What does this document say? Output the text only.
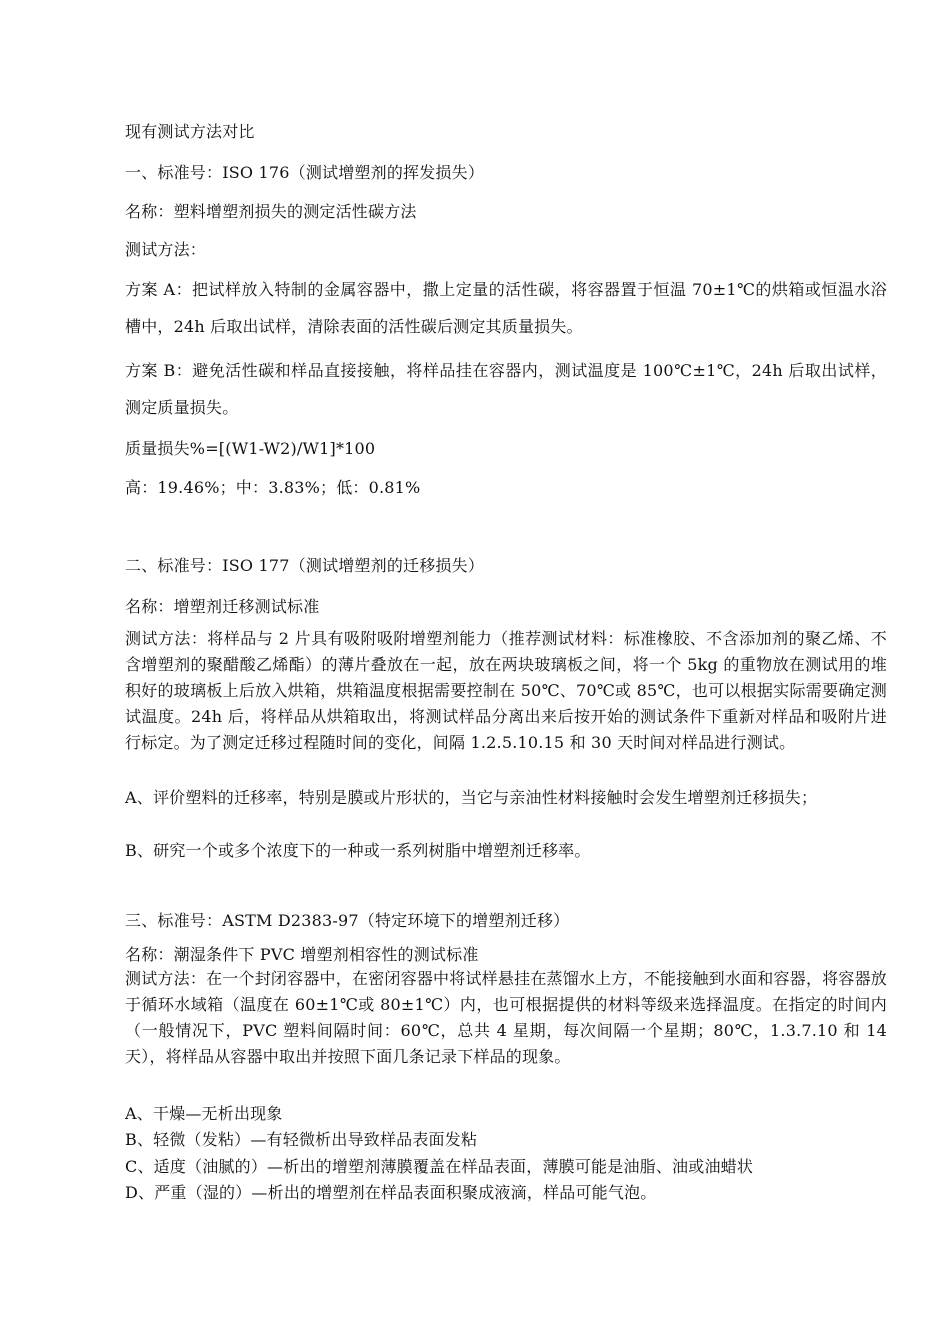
现有测试方法对比
一、标准号：ISO 176（测试增塑剂的挥发损失）
名称：塑料增塑剂损失的测定活性碳方法
测试方法：
方案 A：把试样放入特制的金属容器中，撒上定量的活性碳，将容器置于恒温 70±1℃的烘箱或恒温水浴槽中，24h 后取出试样，清除表面的活性碳后测定其质量损失。
方案 B：避免活性碳和样品直接接触，将样品挂在容器内，测试温度是 100℃±1℃，24h 后取出试样，测定质量损失。
质量损失%=[(W1-W2)/W1]*100
高：19.46%；中：3.83%；低：0.81%
二、标准号：ISO 177（测试增塑剂的迁移损失）
名称：增塑剂迁移测试标准
测试方法：将样品与 2 片具有吸附吸附增塑剂能力（推荐测试材料：标准橡胶、不含添加剂的聚乙烯、不含增塑剂的聚醋酸乙烯酯）的薄片叠放在一起，放在两块玻璃板之间，将一个 5kg 的重物放在测试用的堆积好的玻璃板上后放入烘箱，烘箱温度根据需要控制在 50℃、70℃或 85℃，也可以根据实际需要确定测试温度。24h 后，将样品从烘箱取出，将测试样品分离出来后按开始的测试条件下重新对样品和吸附片进行标定。为了测定迁移过程随时间的变化，间隔 1.2.5.10.15 和 30 天时间对样品进行测试。
A、评价塑料的迁移率，特别是膜或片形状的，当它与亲油性材料接触时会发生增塑剂迁移损失；
B、研究一个或多个浓度下的一种或一系列树脂中增塑剂迁移率。
三、标准号：ASTM D2383-97（特定环境下的增塑剂迁移）
名称：潮湿条件下 PVC 增塑剂相容性的测试标准
测试方法：在一个封闭容器中，在密闭容器中将试样悬挂在蒸馏水上方，不能接触到水面和容器，将容器放于循环水域箱（温度在 60±1℃或 80±1℃）内，也可根据提供的材料等级来选择温度。在指定的时间内（一般情况下，PVC 塑料间隔时间：60℃，总共 4 星期，每次间隔一个星期；80℃，1.3.7.10 和 14 天），将样品从容器中取出并按照下面几条记录下样品的现象。
A、干燥—无析出现象
B、轻微（发粘）—有轻微析出导致样品表面发粘
C、适度（油腻的）—析出的增塑剂薄膜覆盖在样品表面，薄膜可能是油脂、油或油蜡状
D、严重（湿的）—析出的增塑剂在样品表面积聚成液滴，样品可能气泡。
